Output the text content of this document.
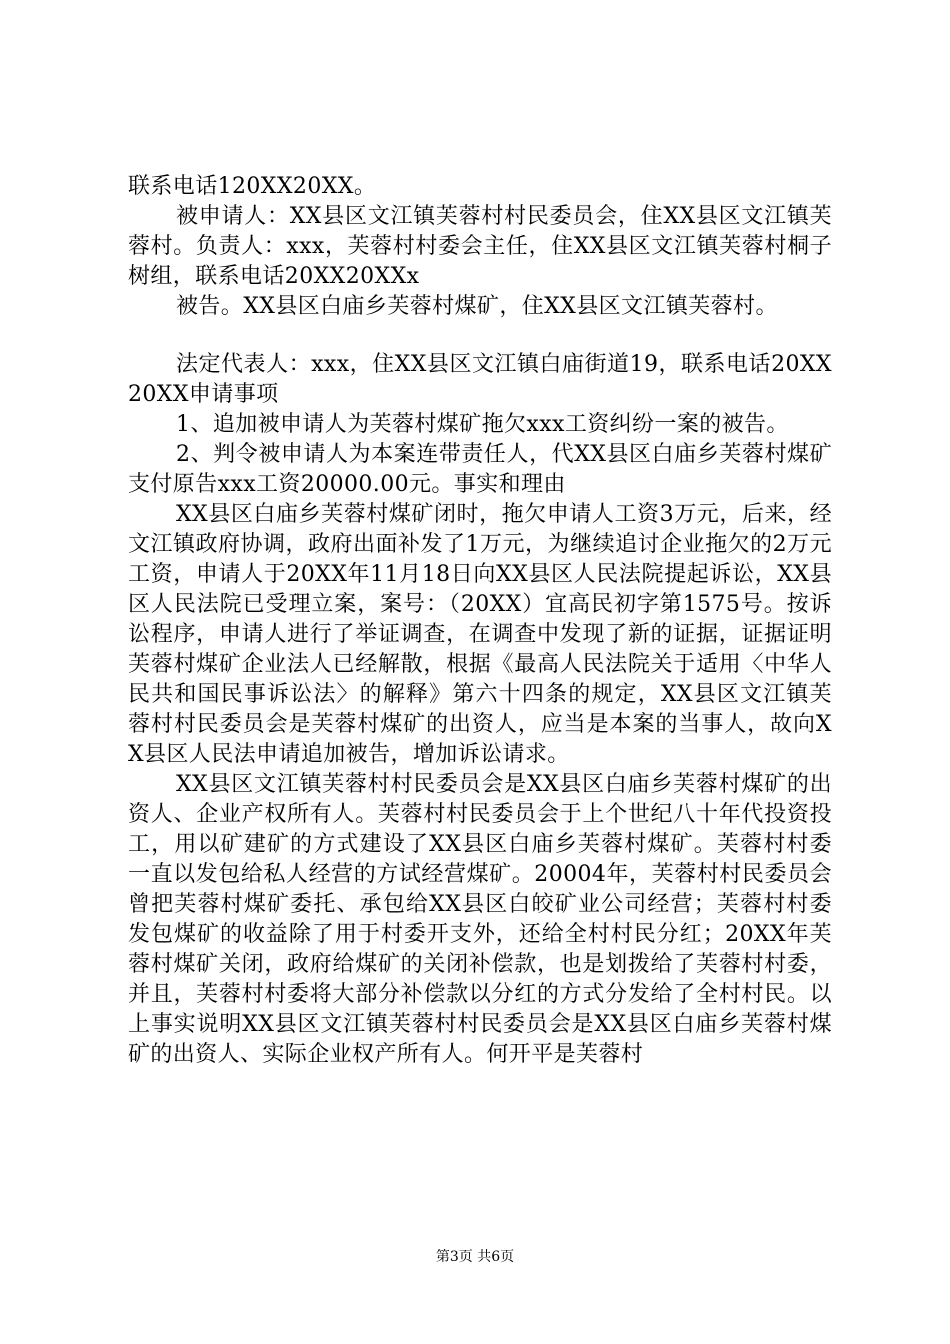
联系电话120XX20XX。

被申请人：XX县区文江镇芙蓉村村民委员会，住XX县区文江镇芙蓉村。负责人：xxx，芙蓉村村委会主任，住XX县区文江镇芙蓉村桐子树组，联系电话20XX20XXx

被告。XX县区白庙乡芙蓉村煤矿，住XX县区文江镇芙蓉村。

法定代表人：xxx，住XX县区文江镇白庙街道19，联系电话20XX20XX申请事项

1、追加被申请人为芙蓉村煤矿拖欠xxx工资纠纷一案的被告。

2、判令被申请人为本案连带责任人，代XX县区白庙乡芙蓉村煤矿支付原告xxx工资20000.00元。事实和理由

XX县区白庙乡芙蓉村煤矿闭时，拖欠申请人工资3万元，后来，经文江镇政府协调，政府出面补发了1万元，为继续追讨企业拖欠的2万元工资，申请人于20XX年11月18日向XX县区人民法院提起诉讼，XX县区人民法院已受理立案，案号：（20XX）宜高民初字第1575号。按诉讼程序，申请人进行了举证调查，在调查中发现了新的证据，证据证明芙蓉村煤矿企业法人已经解散，根据《最高人民法院关于适用〈中华人民共和国民事诉讼法〉的解释》第六十四条的规定，XX县区文江镇芙蓉村村民委员会是芙蓉村煤矿的出资人，应当是本案的当事人，故向XX县区人民法申请追加被告，增加诉讼请求。

XX县区文江镇芙蓉村村民委员会是XX县区白庙乡芙蓉村煤矿的出资人、企业产权所有人。芙蓉村村民委员会于上个世纪八十年代投资投工，用以矿建矿的方式建设了XX县区白庙乡芙蓉村煤矿。芙蓉村村委一直以发包给私人经营的方试经营煤矿。20004年，芙蓉村村民委员会曾把芙蓉村煤矿委托、承包给XX县区白皎矿业公司经营；芙蓉村村委发包煤矿的收益除了用于村委开支外，还给全村村民分红；20XX年芙蓉村煤矿关闭，政府给煤矿的关闭补偿款，也是划拨给了芙蓉村村委，并且，芙蓉村村委将大部分补偿款以分红的方式分发给了全村村民。以上事实说明XX县区文江镇芙蓉村村民委员会是XX县区白庙乡芙蓉村煤矿的出资人、实际企业权产所有人。何开平是芙蓉村

第3页 共6页
